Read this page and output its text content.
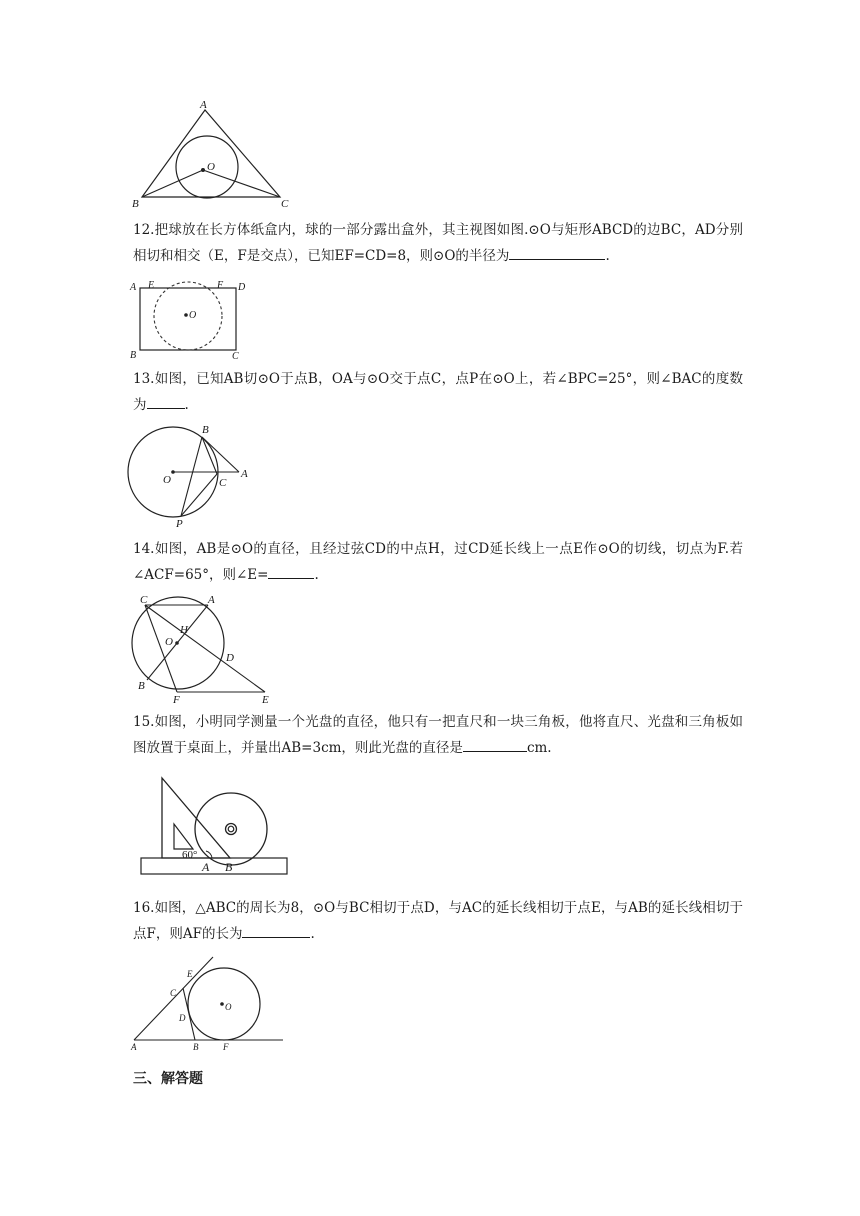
A
O
B	C
12.把球放在长方体纸盒内，球的一部分露出盒外，其主视图如图.⊙O与矩形ABCD的边BC，AD分别相切和相交（E，F是交点），已知EF=CD=8，则⊙O的半径为	.
A E	F D
O
B	C
13.如图，已知AB切⊙O于点B，OA与⊙O交于点C，点P在⊙O上，若∠BPC=25°，则∠BAC的度数为	.
B
A
O	C
P
14.如图，AB是⊙O的直径，且经过弦CD的中点H，过CD延长线上一点E作⊙O的切线，切点为F.若∠ACF=65°，则∠E=	.
C	A
H
O
D
B
F	E
15.如图，小明同学测量一个光盘的直径，他只有一把直尺和一块三角板，他将直尺、光盘和三角板如图放置于桌面上，并量出AB=3cm，则此光盘的直径是	cm.
60°
A B
16.如图，△ABC的周长为8，⊙O与BC相切于点D，与AC的延长线相切于点E，与AB的延长线相切于点F，则AF的长为	.
E
C
O
D
A	B	F
三、解答题
